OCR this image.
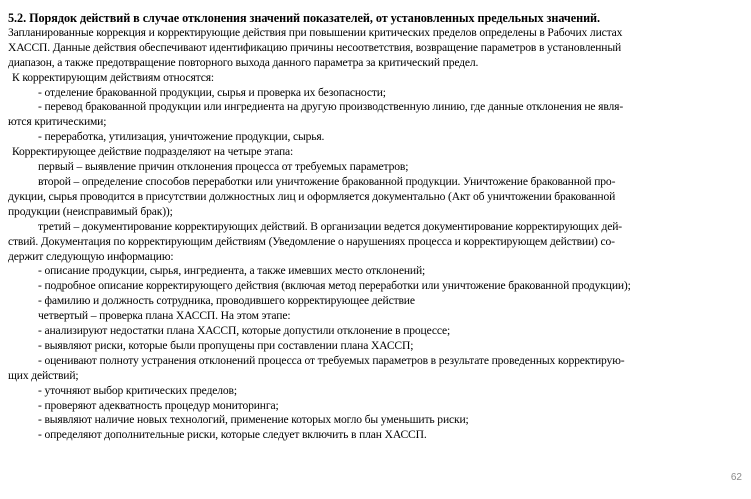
5.2. Порядок действий в случае отклонения значений показателей, от установленных предельных значений.
Запланированные коррекция и корректирующие действия при повышении критических пределов определены в Рабочих листах
ХАССП. Данные действия обеспечивают идентификацию причины несоответствия, возвращение параметров в установленный
диапазон, а также предотвращение повторного выхода данного параметра за критический предел.
К корректирующим действиям относятся:
- отделение бракованной продукции, сырья и проверка их безопасности;
- перевод бракованной продукции или ингредиента на другую производственную линию, где данные отклонения не явля-
ются критическими;
- переработка, утилизация, уничтожение продукции, сырья.
Корректирующее действие подразделяют на четыре этапа:
первый – выявление причин отклонения процесса от требуемых параметров;
второй – определение способов переработки или уничтожение бракованной продукции. Уничтожение бракованной про-
дукции, сырья проводится в присутствии должностных лиц и оформляется документально (Акт об уничтожении бракованной
продукции (неисправимый брак));
третий – документирование корректирующих действий. В организации ведется документирование корректирующих дей-
ствий. Документация по корректирующим действиям (Уведомление о нарушениях процесса и корректирующем действии) со-
держит следующую информацию:
- описание продукции, сырья, ингредиента, а также имевших место отклонений;
- подробное описание корректирующего действия (включая метод переработки или уничтожение бракованной продукции);
- фамилию и должность сотрудника, проводившего корректирующее действие
четвертый – проверка плана ХАССП. На этом этапе:
- анализируют недостатки плана ХАССП, которые допустили отклонение в процессе;
- выявляют риски, которые были пропущены при составлении плана ХАССП;
- оценивают полноту устранения отклонений процесса от требуемых параметров в результате проведенных корректирую-
щих действий;
- уточняют выбор критических пределов;
- проверяют адекватность процедур мониторинга;
- выявляют наличие новых технологий, применение которых могло бы уменьшить риски;
- определяют дополнительные риски, которые следует включить в план ХАССП.
62
